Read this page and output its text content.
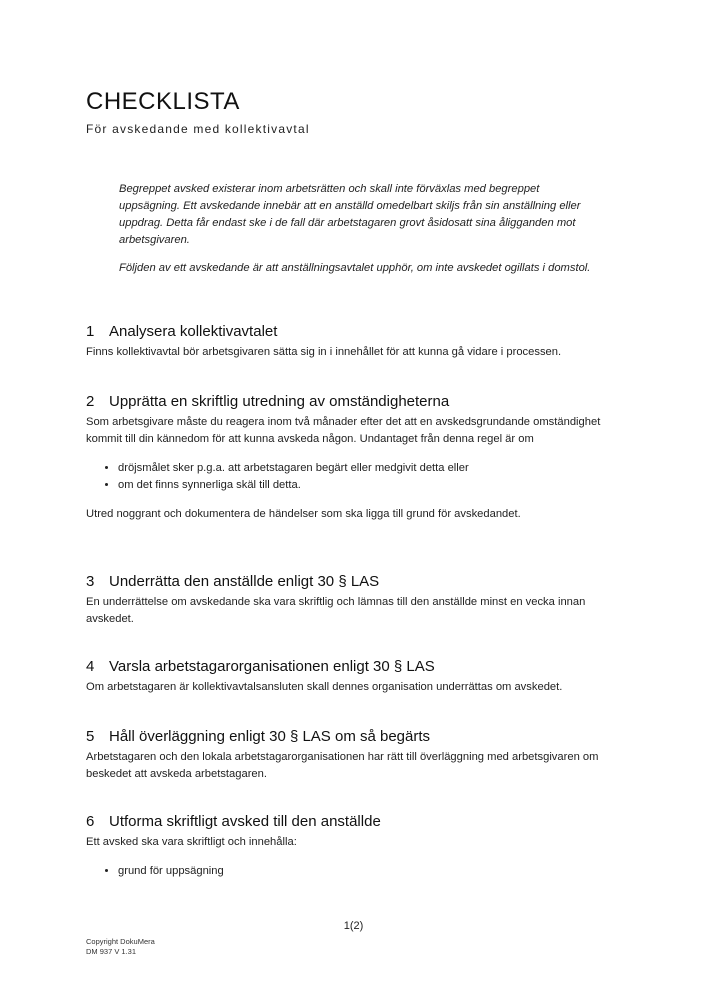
CHECKLISTA
För avskedande med kollektivavtal

Begreppet avsked existerar inom arbetsrätten och skall inte förväxlas med begreppet uppsägning. Ett avskedande innebär att en anställd omedelbart skiljs från sin anställning eller uppdrag. Detta får endast ske i de fall där arbetstagaren grovt åsidosatt sina åligganden mot arbetsgivaren.

Följden av ett avskedande är att anställningsavtalet upphör, om inte avskedet ogillats i domstol.

1 Analysera kollektivavtalet

Finns kollektivavtal bör arbetsgivaren sätta sig in i innehållet för att kunna gå vidare i processen.

2 Upprätta en skriftlig utredning av omständigheterna

Som arbetsgivare måste du reagera inom två månader efter det att en avskedsgrundande omständighet kommit till din kännedom för att kunna avskeda någon. Undantaget från denna regel är om

• dröjsmålet sker p.g.a. att arbetstagaren begärt eller medgivit detta eller
• om det finns synnerliga skäl till detta.

Utred noggrant och dokumentera de händelser som ska ligga till grund för avskedandet.

3 Underrätta den anställde enligt 30 § LAS

En underrättelse om avskedande ska vara skriftlig och lämnas till den anställde minst en vecka innan avskedet.

4 Varsla arbetstagarorganisationen enligt 30 § LAS

Om arbetstagaren är kollektivavtalsansluten skall dennes organisation underrättas om avskedet.

5 Håll överläggning enligt 30 § LAS om så begärts

Arbetstagaren och den lokala arbetstagarorganisationen har rätt till överläggning med arbetsgivaren om beskedet att avskeda arbetstagaren.

6 Utforma skriftligt avsked till den anställde

Ett avsked ska vara skriftligt och innehålla:

• grund för uppsägning
1(2)
Copyright DokuMera
DM 937 V 1.31
